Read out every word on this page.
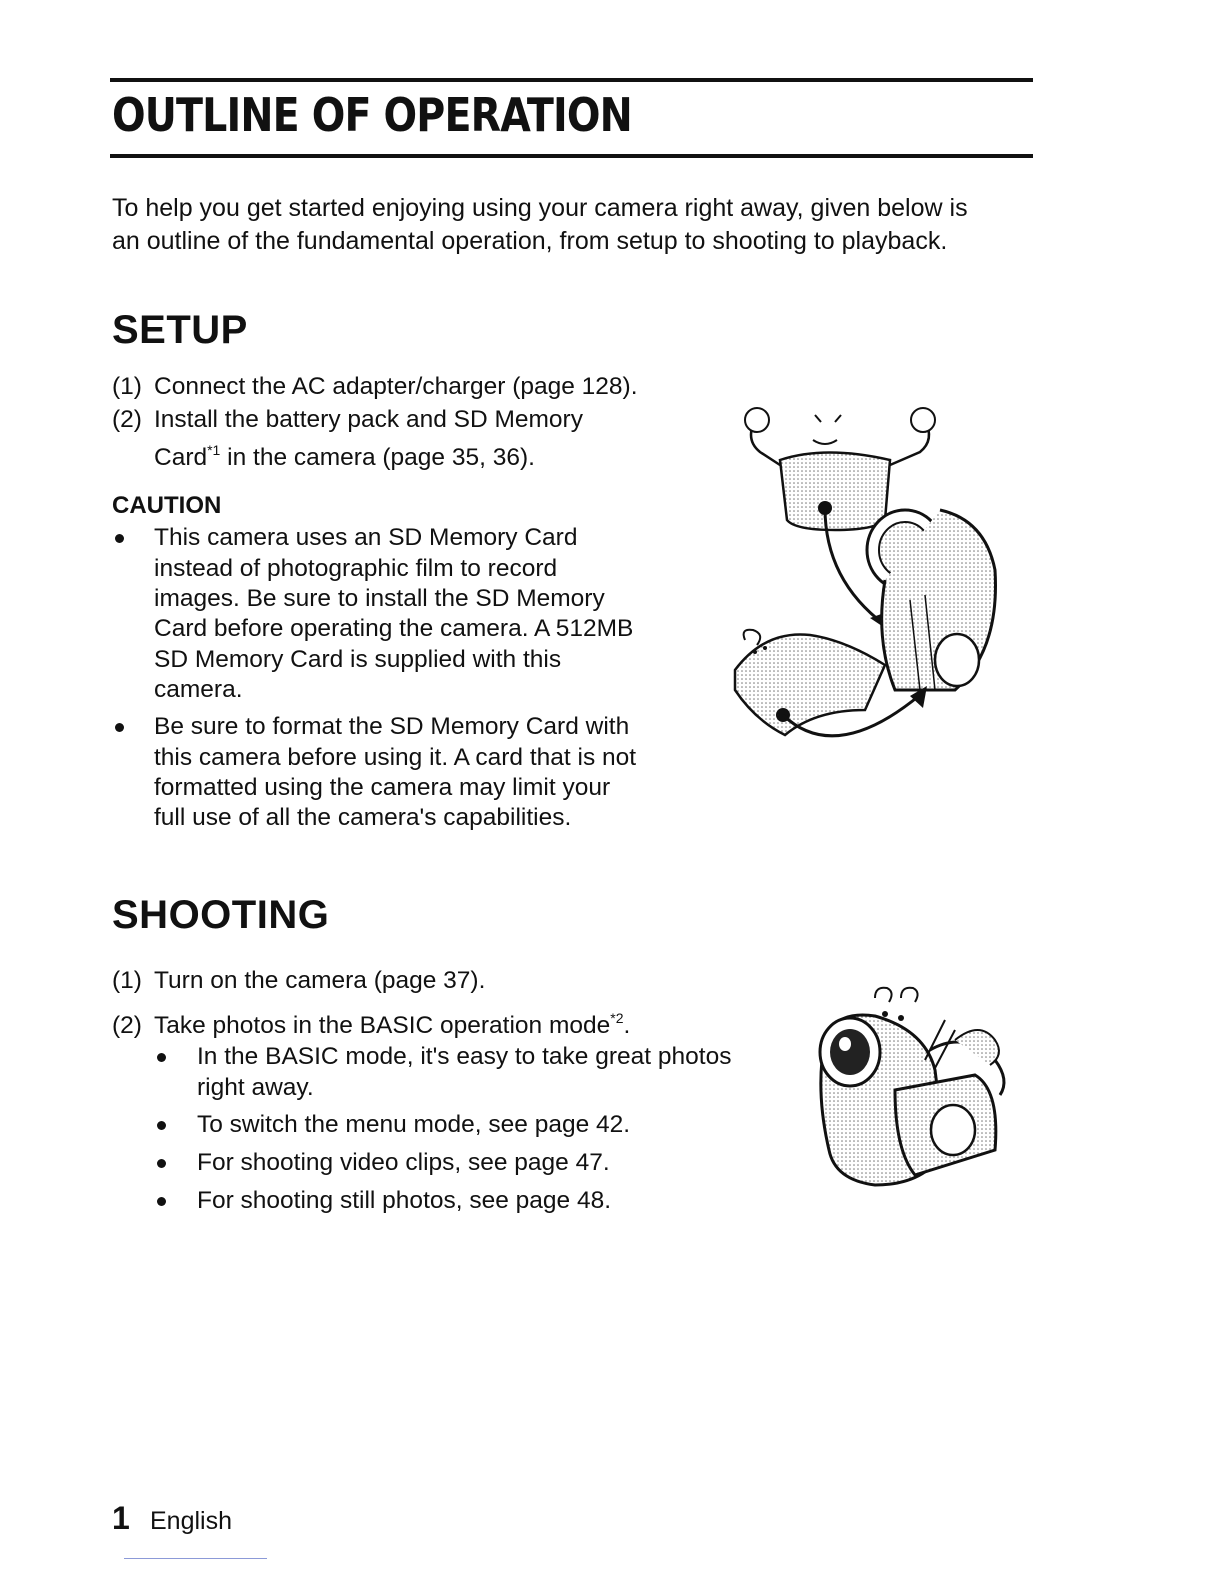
OUTLINE OF OPERATION
To help you get started enjoying using your camera right away, given below is
an outline of the fundamental operation, from setup to shooting to playback.
SETUP
(1) Connect the AC adapter/charger (page 128).
(2) Install the battery pack and SD Memory
Card$^{*1}$ in the camera (page 35, 36).
CAUTION
This camera uses an SD Memory Card
instead of photographic film to record
images. Be sure to install the SD Memory
Card before operating the camera. A 512MB
SD Memory Card is supplied with this
camera.
Be sure to format the SD Memory Card with
this camera before using it. A card that is not
formatted using the camera may limit your
full use of all the camera's capabilities.
SHOOTING
(1) Turn on the camera (page 37).
(2) Take photos in the BASIC operation mode$^{*2}$.
In the BASIC mode, it's easy to take great photos
right away.
To switch the menu mode, see page 42.
For shooting video clips, see page 47.
For shooting still photos, see page 48.
1 English
